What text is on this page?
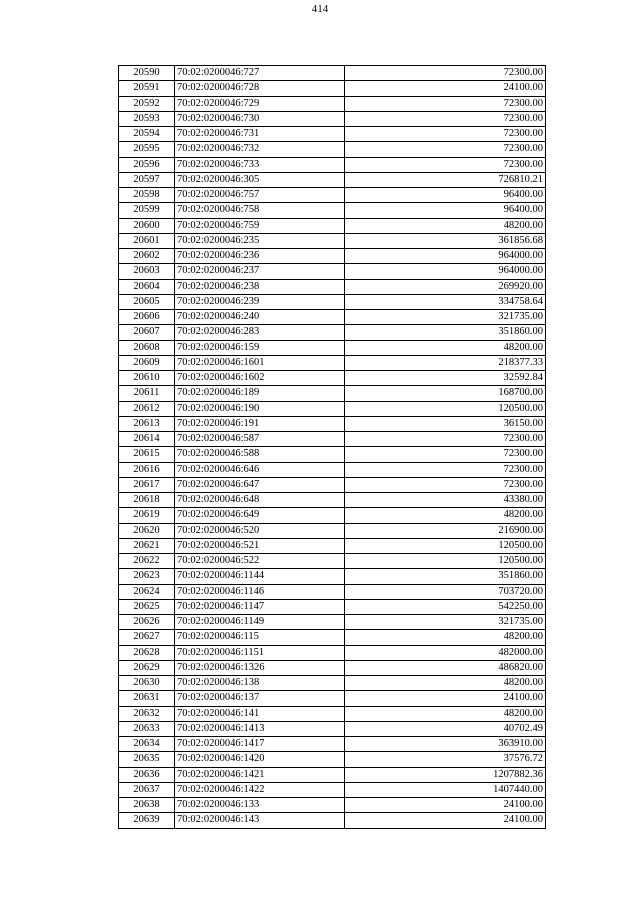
414
20590	70:02:0200046:727	72300.00
20591	70:02:0200046:728	24100.00
20592	70:02:0200046:729	72300.00
20593	70:02:0200046:730	72300.00
20594	70:02:0200046:731	72300.00
20595	70:02:0200046:732	72300.00
20596	70:02:0200046:733	72300.00
20597	70:02:0200046:305	726810.21
20598	70:02:0200046:757	96400.00
20599	70:02:0200046:758	96400.00
20600	70:02:0200046:759	48200.00
20601	70:02:0200046:235	361856.68
20602	70:02:0200046:236	964000.00
20603	70:02:0200046:237	964000.00
20604	70:02:0200046:238	269920.00
20605	70:02:0200046:239	334758.64
20606	70:02:0200046:240	321735.00
20607	70:02:0200046:283	351860.00
20608	70:02:0200046:159	48200.00
20609	70:02:0200046:1601	218377.33
20610	70:02:0200046:1602	32592.84
20611	70:02:0200046:189	168700.00
20612	70:02:0200046:190	120500.00
20613	70:02:0200046:191	36150.00
20614	70:02:0200046:587	72300.00
20615	70:02:0200046:588	72300.00
20616	70:02:0200046:646	72300.00
20617	70:02:0200046:647	72300.00
20618	70:02:0200046:648	43380.00
20619	70:02:0200046:649	48200.00
20620	70:02:0200046:520	216900.00
20621	70:02:0200046:521	120500.00
20622	70:02:0200046:522	120500.00
20623	70:02:0200046:1144	351860.00
20624	70:02:0200046:1146	703720.00
20625	70:02:0200046:1147	542250.00
20626	70:02:0200046:1149	321735.00
20627	70:02:0200046:115	48200.00
20628	70:02:0200046:1151	482000.00
20629	70:02:0200046:1326	486820.00
20630	70:02:0200046:138	48200.00
20631	70:02:0200046:137	24100.00
20632	70:02:0200046:141	48200.00
20633	70:02:0200046:1413	40702.49
20634	70:02:0200046:1417	363910.00
20635	70:02:0200046:1420	37576.72
20636	70:02:0200046:1421	1207882.36
20637	70:02:0200046:1422	1407440.00
20638	70:02:0200046:133	24100.00
20639	70:02:0200046:143	24100.00
